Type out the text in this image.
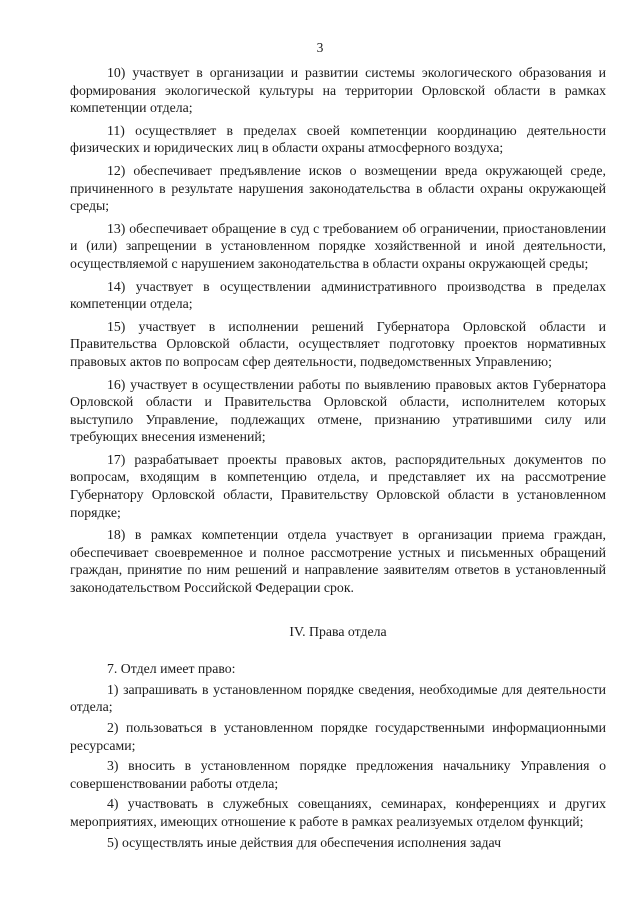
3

10) участвует в организации и развитии системы экологического образования и формирования экологической культуры на территории Орловской области в рамках компетенции отдела;

11) осуществляет в пределах своей компетенции координацию деятельности физических и юридических лиц в области охраны атмосферного воздуха;

12) обеспечивает предъявление исков о возмещении вреда окружающей среде, причиненного в результате нарушения законодательства в области охраны окружающей среды;

13) обеспечивает обращение в суд с требованием об ограничении, приостановлении и (или) запрещении в установленном порядке хозяйственной и иной деятельности, осуществляемой с нарушением законодательства в области охраны окружающей среды;

14) участвует в осуществлении административного производства в пределах компетенции отдела;

15) участвует в исполнении решений Губернатора Орловской области и Правительства Орловской области, осуществляет подготовку проектов нормативных правовых актов по вопросам сфер деятельности, подведомственных Управлению;

16) участвует в осуществлении работы по выявлению правовых актов Губернатора Орловской области и Правительства Орловской области, исполнителем которых выступило Управление, подлежащих отмене, признанию утратившими силу или требующих внесения изменений;

17) разрабатывает проекты правовых актов, распорядительных документов по вопросам, входящим в компетенцию отдела, и представляет их на рассмотрение Губернатору Орловской области, Правительству Орловской области в установленном порядке;

18) в рамках компетенции отдела участвует в организации приема граждан, обеспечивает своевременное и полное рассмотрение устных и письменных обращений граждан, принятие по ним решений и направление заявителям ответов в установленный законодательством Российской Федерации срок.

IV. Права отдела

7. Отдел имеет право:

1) запрашивать в установленном порядке сведения, необходимые для деятельности отдела;

2) пользоваться в установленном порядке государственными информационными ресурсами;

3) вносить в установленном порядке предложения начальнику Управления о совершенствовании работы отдела;

4) участвовать в служебных совещаниях, семинарах, конференциях и других мероприятиях, имеющих отношение к работе в рамках реализуемых отделом функций;

5) осуществлять иные действия для обеспечения исполнения задач
